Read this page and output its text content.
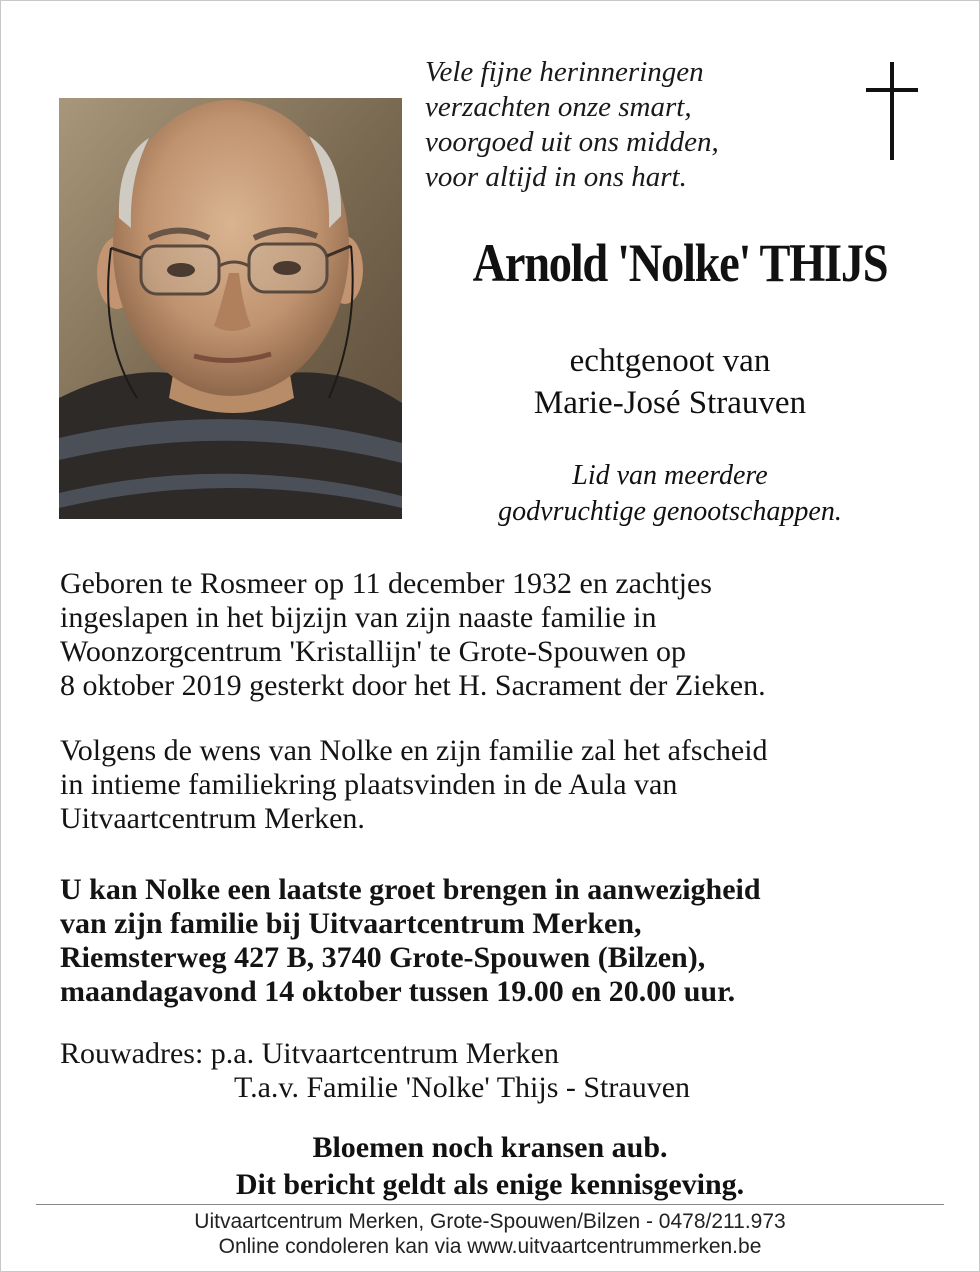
Vele fijne herinneringen
verzachten onze smart,
voorgoed uit ons midden,
voor altijd in ons hart.
Arnold 'Nolke' THIJS
echtgenoot van
Marie-José Strauven
Lid van meerdere
godvruchtige genootschappen.
Geboren te Rosmeer op 11 december 1932 en zachtjes
ingeslapen in het bijzijn van zijn naaste familie in
Woonzorgcentrum 'Kristallijn' te Grote-Spouwen op
8 oktober 2019 gesterkt door het H. Sacrament der Zieken.
Volgens de wens van Nolke en zijn familie zal het afscheid
in intieme familiekring plaatsvinden in de Aula van
Uitvaartcentrum Merken.
U kan Nolke een laatste groet brengen in aanwezigheid
van zijn familie bij Uitvaartcentrum Merken,
Riemsterweg 427 B, 3740 Grote-Spouwen (Bilzen),
maandagavond 14 oktober tussen 19.00 en 20.00 uur.
Rouwadres: p.a. Uitvaartcentrum Merken
T.a.v. Familie 'Nolke' Thijs - Strauven
Bloemen noch kransen aub.
Dit bericht geldt als enige kennisgeving.
Uitvaartcentrum Merken, Grote-Spouwen/Bilzen - 0478/211.973
Online condoleren kan via www.uitvaartcentrummerken.be
